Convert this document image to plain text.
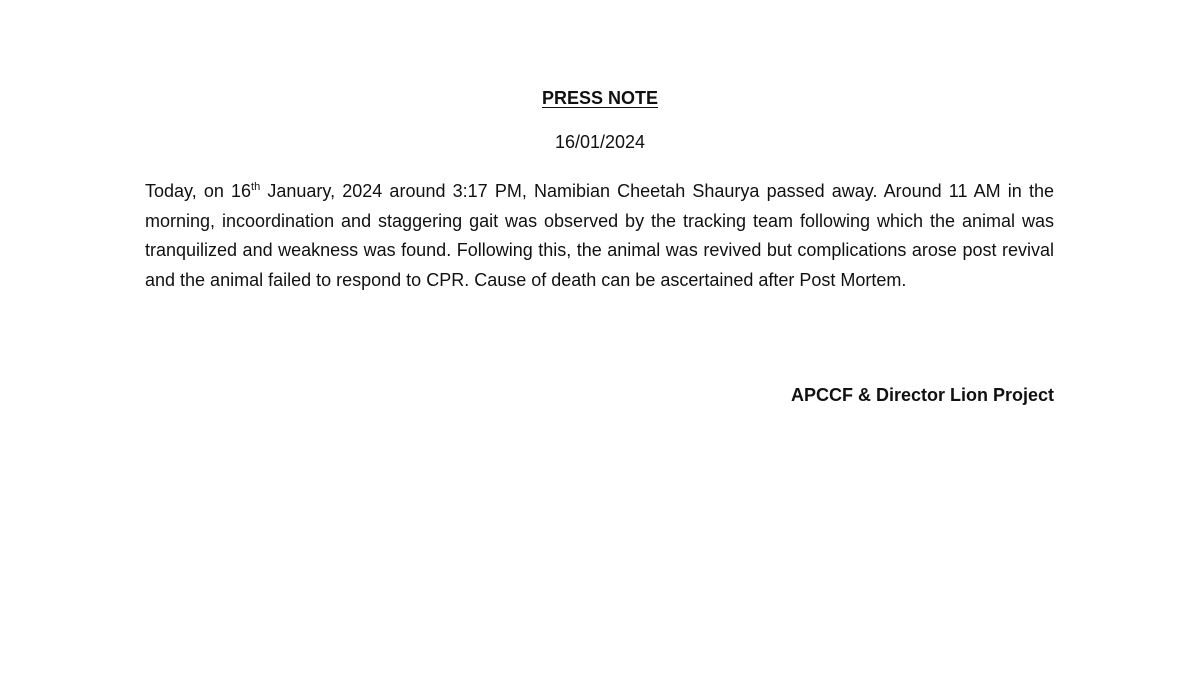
PRESS NOTE
16/01/2024

Today, on 16th January, 2024 around 3:17 PM, Namibian Cheetah Shaurya passed away. Around 11 AM in the morning, incoordination and staggering gait was observed by the tracking team following which the animal was tranquilized and weakness was found. Following this, the animal was revived but complications arose post revival and the animal failed to respond to CPR. Cause of death can be ascertained after Post Mortem.

APCCF & Director Lion Project
